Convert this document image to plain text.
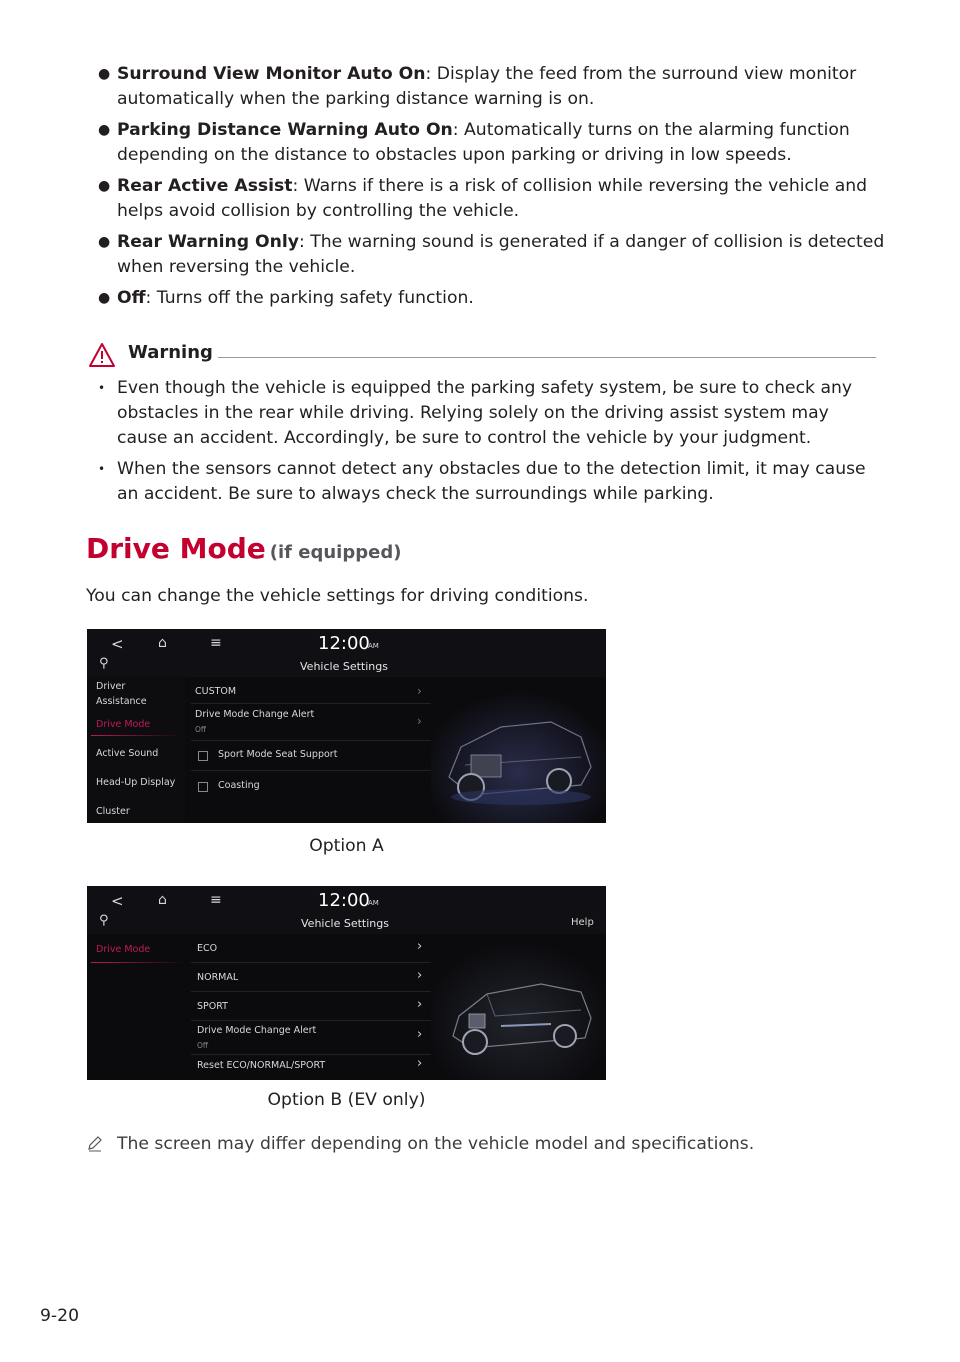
● Surround View Monitor Auto On: Display the feed from the surround view monitor automatically when the parking distance warning is on.
● Parking Distance Warning Auto On: Automatically turns on the alarming function depending on the distance to obstacles upon parking or driving in low speeds.
● Rear Active Assist: Warns if there is a risk of collision while reversing the vehicle and helps avoid collision by controlling the vehicle.
● Rear Warning Only: The warning sound is generated if a danger of collision is detected when reversing the vehicle.
● Off: Turns off the parking safety function.
Warning
• Even though the vehicle is equipped the parking safety system, be sure to check any obstacles in the rear while driving. Relying solely on the driving assist system may cause an accident. Accordingly, be sure to control the vehicle by your judgment.
• When the sensors cannot detect any obstacles due to the detection limit, it may cause an accident. Be sure to always check the surroundings while parking.
Drive Mode (if equipped)
You can change the vehicle settings for driving conditions.
< ⌂	≡	12:00
AM
⚲	Vehicle Settings
Driver
Assistance
Drive Mode
Active Sound
Head-Up Display
Cluster
CUSTOM	›
Drive Mode Change Alert
Off
›
Sport Mode Seat Support
Coasting
Option A
< ⌂	≡	12:00
AM
⚲	Vehicle Settings	Help
Drive Mode	ECO	›
NORMAL	›
SPORT	›
Drive Mode Change Alert
Off
›
Reset ECO/NORMAL/SPORT	›
Option B (EV only)
The screen may differ depending on the vehicle model and specifications.
9-20
